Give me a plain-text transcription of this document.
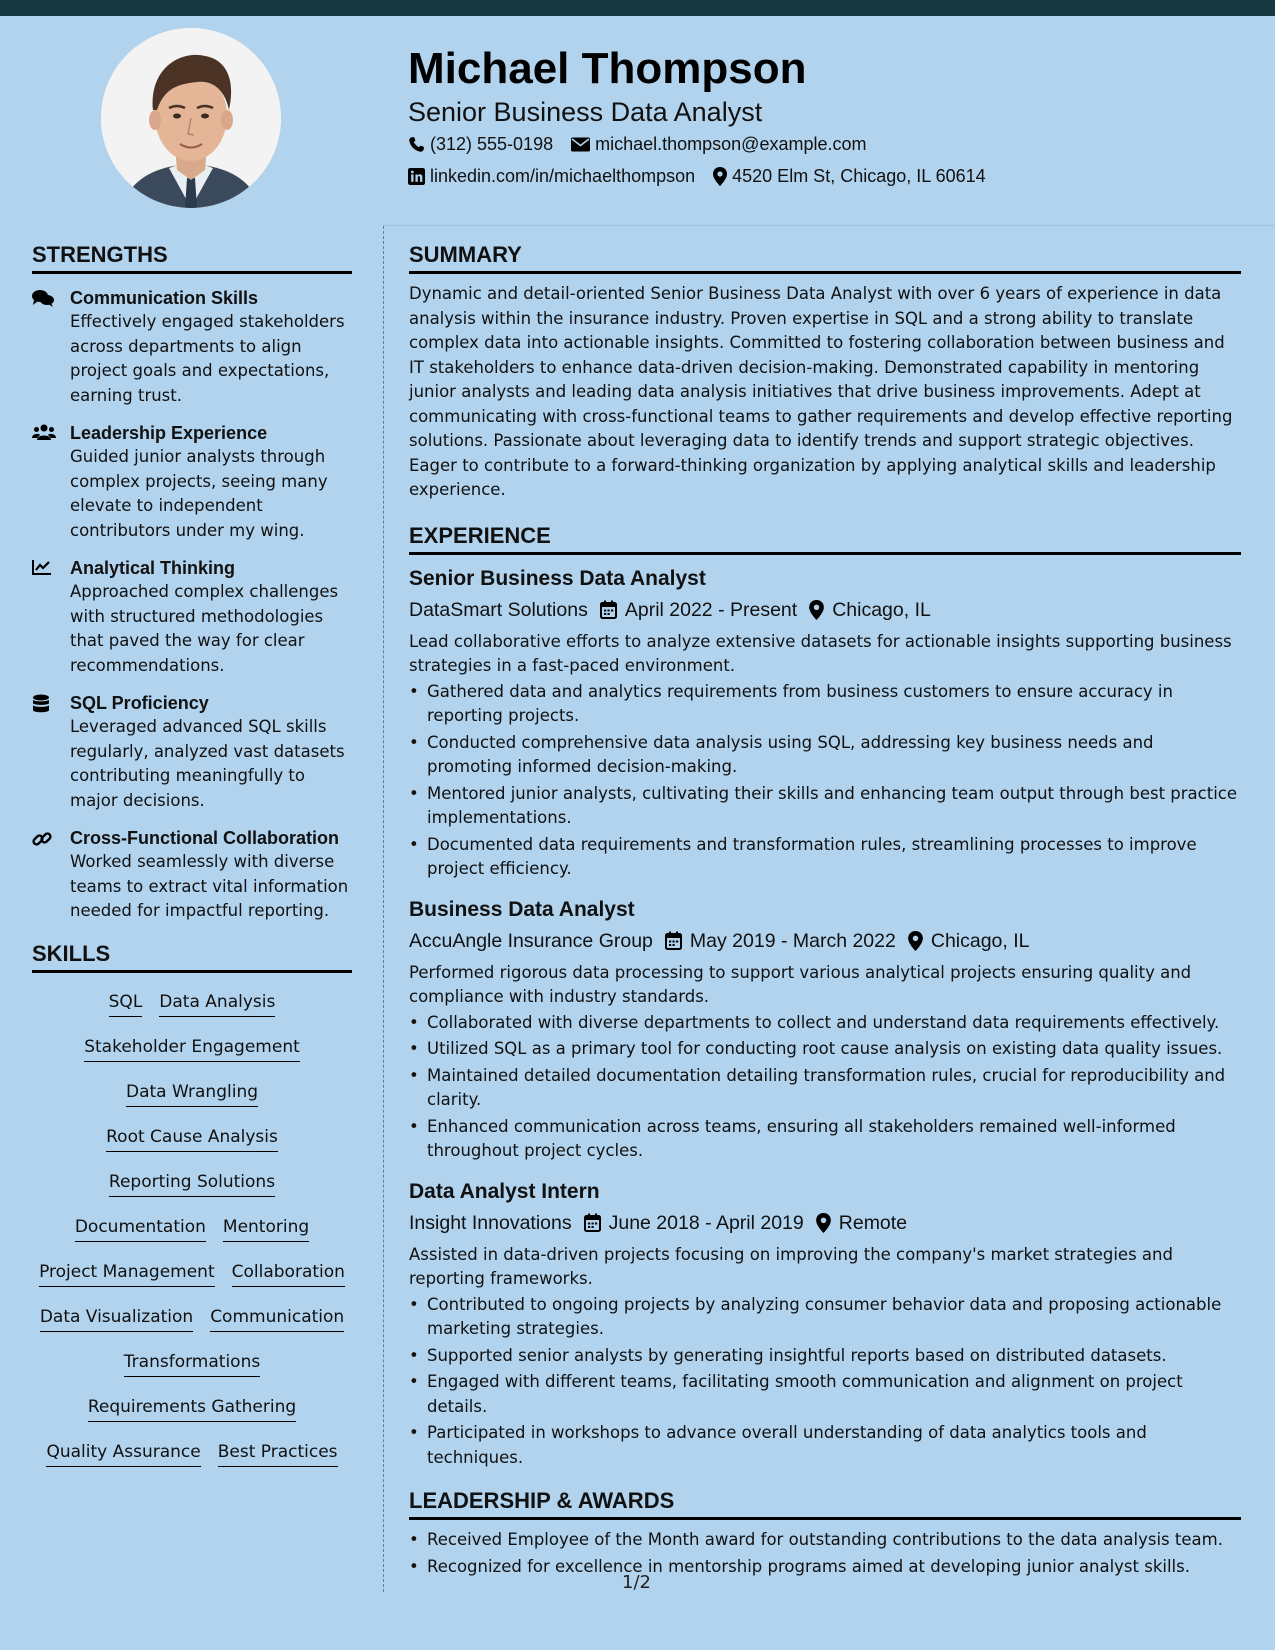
Michael Thompson
Senior Business Data Analyst
(312) 555-0198 michael.thompson@example.com
linkedin.com/in/michaelthompson 4520 Elm St, Chicago, IL 60614
STRENGTHS
Communication Skills
Effectively engaged stakeholders across departments to align project goals and expectations, earning trust.
Leadership Experience
Guided junior analysts through complex projects, seeing many elevate to independent contributors under my wing.
Analytical Thinking
Approached complex challenges with structured methodologies that paved the way for clear recommendations.
SQL Proficiency
Leveraged advanced SQL skills regularly, analyzed vast datasets contributing meaningfully to major decisions.
Cross-Functional Collaboration
Worked seamlessly with diverse teams to extract vital information needed for impactful reporting.
SKILLS
SQL Data Analysis
Stakeholder Engagement
Data Wrangling
Root Cause Analysis
Reporting Solutions
Documentation Mentoring
Project Management Collaboration
Data Visualization Communication
Transformations
Requirements Gathering
Quality Assurance Best Practices
SUMMARY
Dynamic and detail-oriented Senior Business Data Analyst with over 6 years of experience in data analysis within the insurance industry. Proven expertise in SQL and a strong ability to translate complex data into actionable insights. Committed to fostering collaboration between business and IT stakeholders to enhance data-driven decision-making. Demonstrated capability in mentoring junior analysts and leading data analysis initiatives that drive business improvements. Adept at communicating with cross-functional teams to gather requirements and develop effective reporting solutions. Passionate about leveraging data to identify trends and support strategic objectives. Eager to contribute to a forward-thinking organization by applying analytical skills and leadership experience.
EXPERIENCE
Senior Business Data Analyst
DataSmart Solutions April 2022 - Present Chicago, IL
Lead collaborative efforts to analyze extensive datasets for actionable insights supporting business strategies in a fast-paced environment.
• Gathered data and analytics requirements from business customers to ensure accuracy in reporting projects.
• Conducted comprehensive data analysis using SQL, addressing key business needs and promoting informed decision-making.
• Mentored junior analysts, cultivating their skills and enhancing team output through best practice implementations.
• Documented data requirements and transformation rules, streamlining processes to improve project efficiency.
Business Data Analyst
AccuAngle Insurance Group May 2019 - March 2022 Chicago, IL
Performed rigorous data processing to support various analytical projects ensuring quality and compliance with industry standards.
• Collaborated with diverse departments to collect and understand data requirements effectively.
• Utilized SQL as a primary tool for conducting root cause analysis on existing data quality issues.
• Maintained detailed documentation detailing transformation rules, crucial for reproducibility and clarity.
• Enhanced communication across teams, ensuring all stakeholders remained well-informed throughout project cycles.
Data Analyst Intern
Insight Innovations June 2018 - April 2019 Remote
Assisted in data-driven projects focusing on improving the company's market strategies and reporting frameworks.
• Contributed to ongoing projects by analyzing consumer behavior data and proposing actionable marketing strategies.
• Supported senior analysts by generating insightful reports based on distributed datasets.
• Engaged with different teams, facilitating smooth communication and alignment on project details.
• Participated in workshops to advance overall understanding of data analytics tools and techniques.
LEADERSHIP & AWARDS
• Received Employee of the Month award for outstanding contributions to the data analysis team.
• Recognized for excellence in mentorship programs aimed at developing junior analyst skills.
1/2
